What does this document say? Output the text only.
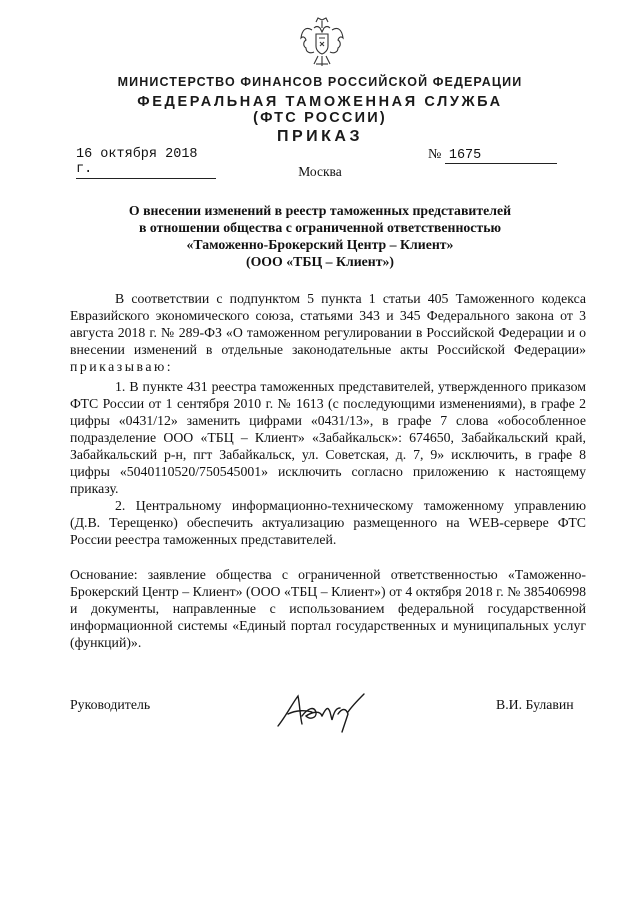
МИНИСТЕРСТВО ФИНАНСОВ РОССИЙСКОЙ ФЕДЕРАЦИИ
ФЕДЕРАЛЬНАЯ ТАМОЖЕННАЯ СЛУЖБА
(ФТС РОССИИ)
ПРИКАЗ
16 октября 2018 г.
№ 1675
Москва
О внесении изменений в реестр таможенных представителей
в отношении общества с ограниченной ответственностью
«Таможенно-Брокерский Центр – Клиент»
(ООО «ТБЦ – Клиент»)

В соответствии с подпунктом 5 пункта 1 статьи 405 Таможенного кодекса Евразийского экономического союза, статьями 343 и 345 Федерального закона от 3 августа 2018 г. № 289-ФЗ «О таможенном регулировании в Российской Федерации и о внесении изменений в отдельные законодательные акты Российской Федерации» приказываю:

1. В пункте 431 реестра таможенных представителей, утвержденного приказом ФТС России от 1 сентября 2010 г. № 1613 (с последующими изменениями), в графе 2 цифры «0431/12» заменить цифрами «0431/13», в графе 7 слова «обособленное подразделение ООО «ТБЦ – Клиент» «Забайкальск»: 674650, Забайкальский край, Забайкальский р-н, пгт Забайкальск, ул. Советская, д. 7, 9» исключить, в графе 8 цифры «5040110520/750545001» исключить согласно приложению к настоящему приказу.

2. Центральному информационно-техническому таможенному управлению (Д.В. Терещенко) обеспечить актуализацию размещенного на WEB-сервере ФТС России реестра таможенных представителей.

Основание: заявление общества с ограниченной ответственностью «Таможенно-Брокерский Центр – Клиент» (ООО «ТБЦ – Клиент») от 4 октября 2018 г. № 385406998 и документы, направленные с использованием федеральной государственной информационной системы «Единый портал государственных и муниципальных услуг (функций)».
Руководитель	В.И. Булавин
